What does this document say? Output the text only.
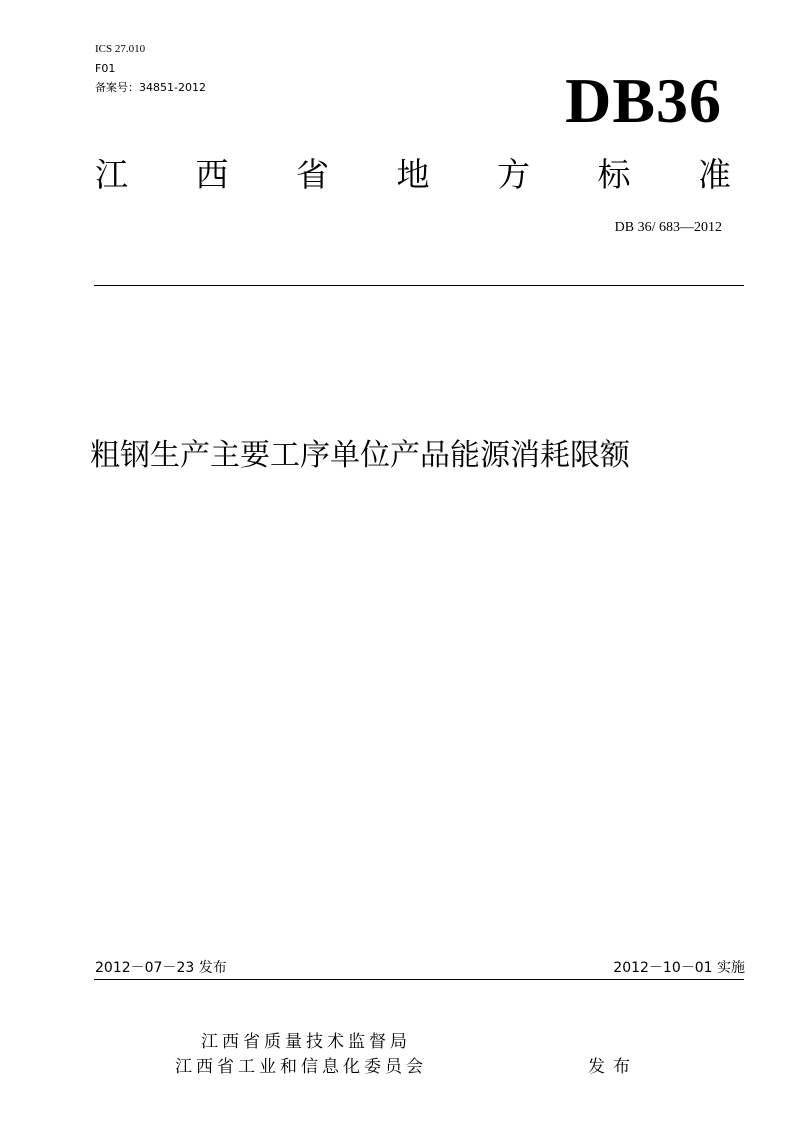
ICS 27.010
F01
备案号：34851-2012	DB36
江 西 省 地 方 标 准
DB 36/ 683—2012
粗钢生产主要工序单位产品能源消耗限额
2012－07－23 发布	2012－10－01 实施
江西省质量技术监督局
江西省工业和信息化委员会	发布
